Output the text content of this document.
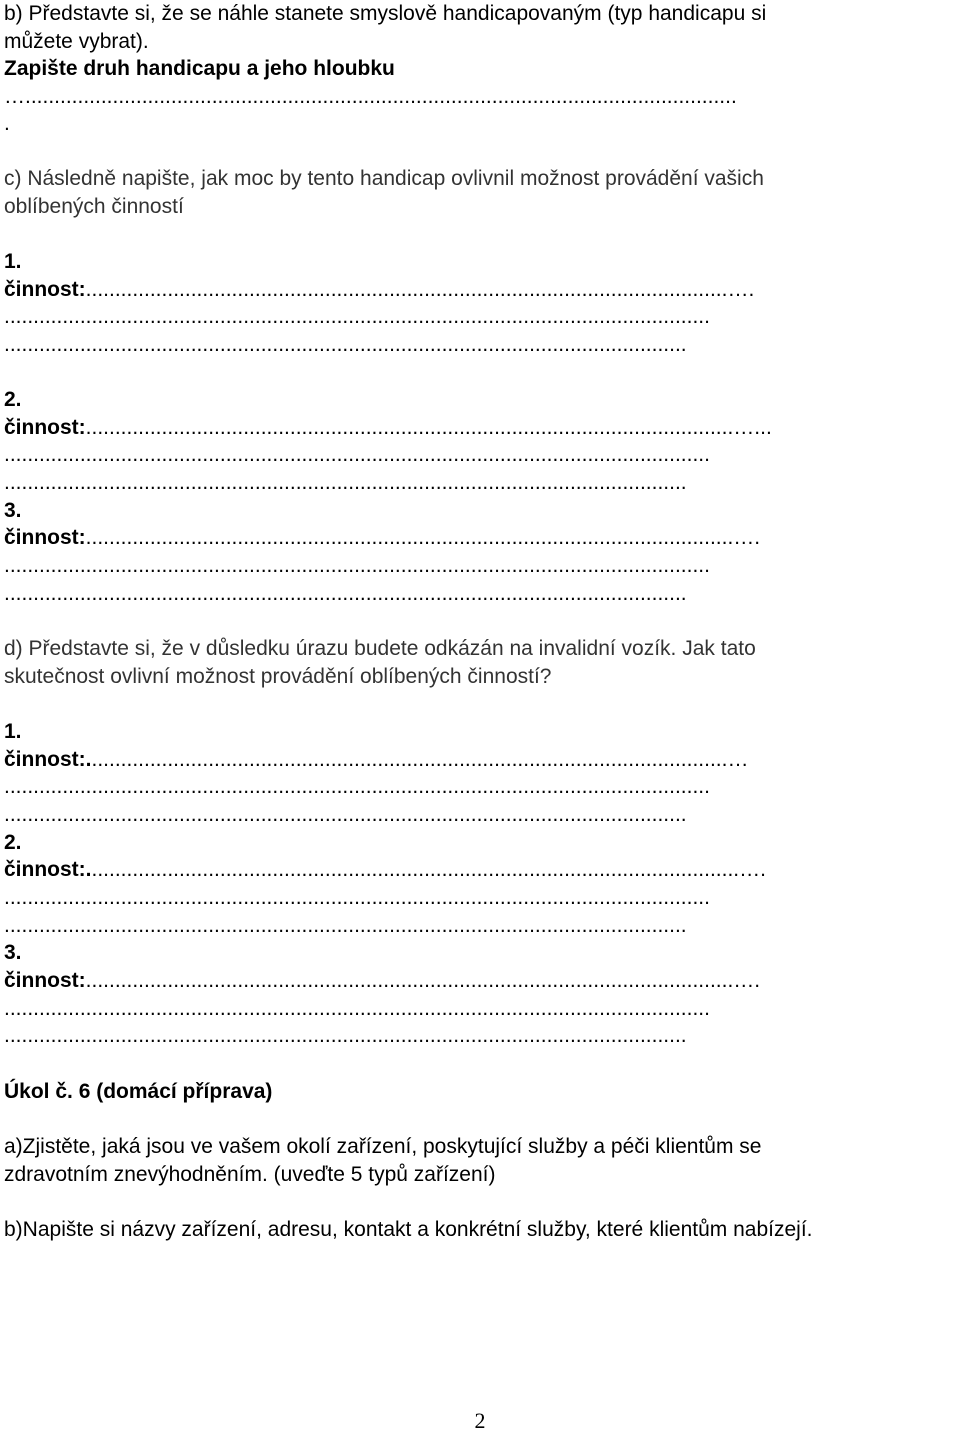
b) Představte si, že se náhle stanete smyslově handicapovaným (typ handicapu si
můžete vybrat).
Zapište druh handicapu a jeho hloubku
…..........................................................................................................................
.
c) Následně napište, jak moc by tento handicap ovlivnil možnost provádění vašich
oblíbených činností
1.
činnost:..............................................................................................................….
.........................................................................................................................
.....................................................................................................................
2.
činnost:...............................................................................................................…...
.........................................................................................................................
.....................................................................................................................
3.
činnost:...............................................................................................................….
.........................................................................................................................
.....................................................................................................................
d) Představte si, že v důsledku úrazu budete odkázán na invalidní vozík. Jak tato
skutečnost ovlivní možnost provádění oblíbených činností?
1.
činnost:..............................................................................................................…
.........................................................................................................................
.....................................................................................................................
2.
činnost:................................................................................................................….
.........................................................................................................................
.....................................................................................................................
3.
činnost:...............................................................................................................….
.........................................................................................................................
.....................................................................................................................
Úkol č. 6 (domácí příprava)
a)Zjistěte, jaká jsou ve vašem okolí zařízení, poskytující služby a péči klientům se
zdravotním znevýhodněním. (uveďte 5 typů zařízení)
b)Napište si názvy zařízení, adresu, kontakt a konkrétní služby, které klientům nabízejí.
2
